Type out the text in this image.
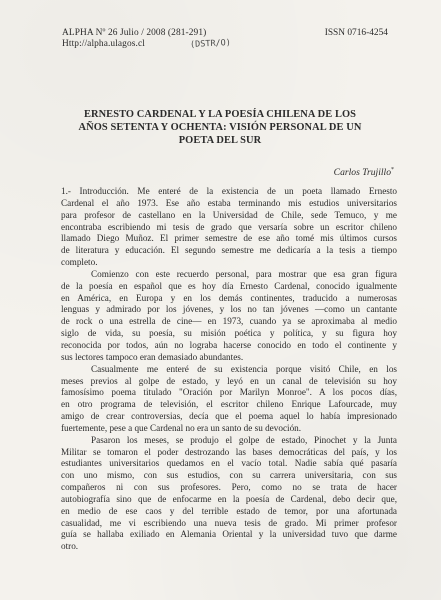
ALPHA Nº 26 Julio / 2008 (281-291)
Http://alpha.ulagos.cl	(DSTR/O)
ISSN 0716-4254
ERNESTO CARDENAL Y LA POESÍA CHILENA DE LOS
AÑOS SETENTA Y OCHENTA: VISIÓN PERSONAL DE UN
POETA DEL SUR
Carlos Trujillo*
1.- Introducción. Me enteré de la existencia de un poeta llamado Ernesto
Cardenal el año 1973. Ese año estaba terminando mis estudios universitarios
para profesor de castellano en la Universidad de Chile, sede Temuco, y me
encontraba escribiendo mi tesis de grado que versaría sobre un escritor chileno
llamado Diego Muñoz. El primer semestre de ese año tomé mis últimos cursos
de literatura y educación. El segundo semestre me dedicaría a la tesis a tiempo
completo.
Comienzo con este recuerdo personal, para mostrar que esa gran figura
de la poesía en español que es hoy día Ernesto Cardenal, conocido igualmente
en América, en Europa y en los demás continentes, traducido a numerosas
lenguas y admirado por los jóvenes, y los no tan jóvenes —como un cantante
de rock o una estrella de cine— en 1973, cuando ya se aproximaba al medio
siglo de vida, su poesía, su misión poética y política, y su figura hoy
reconocida por todos, aún no lograba hacerse conocido en todo el continente y
sus lectores tampoco eran demasiado abundantes.
Casualmente me enteré de su existencia porque visitó Chile, en los
meses previos al golpe de estado, y leyó en un canal de televisión su hoy
famosísimo poema titulado "Oración por Marilyn Monroe". A los pocos días,
en otro programa de televisión, el escritor chileno Enrique Lafourcade, muy
amigo de crear controversias, decía que el poema aquel lo había impresionado
fuertemente, pese a que Cardenal no era un santo de su devoción.
Pasaron los meses, se produjo el golpe de estado, Pinochet y la Junta
Militar se tomaron el poder destrozando las bases democráticas del país, y los
estudiantes universitarios quedamos en el vacío total. Nadie sabía qué pasaría
con uno mismo, con sus estudios, con su carrera universitaria, con sus
compañeros ni con sus profesores. Pero, como no se trata de hacer
autobiografía sino que de enfocarme en la poesía de Cardenal, debo decir que,
en medio de ese caos y del terrible estado de temor, por una afortunada
casualidad, me vi escribiendo una nueva tesis de grado. Mi primer profesor
guía se hallaba exiliado en Alemania Oriental y la universidad tuvo que darme
otro.
